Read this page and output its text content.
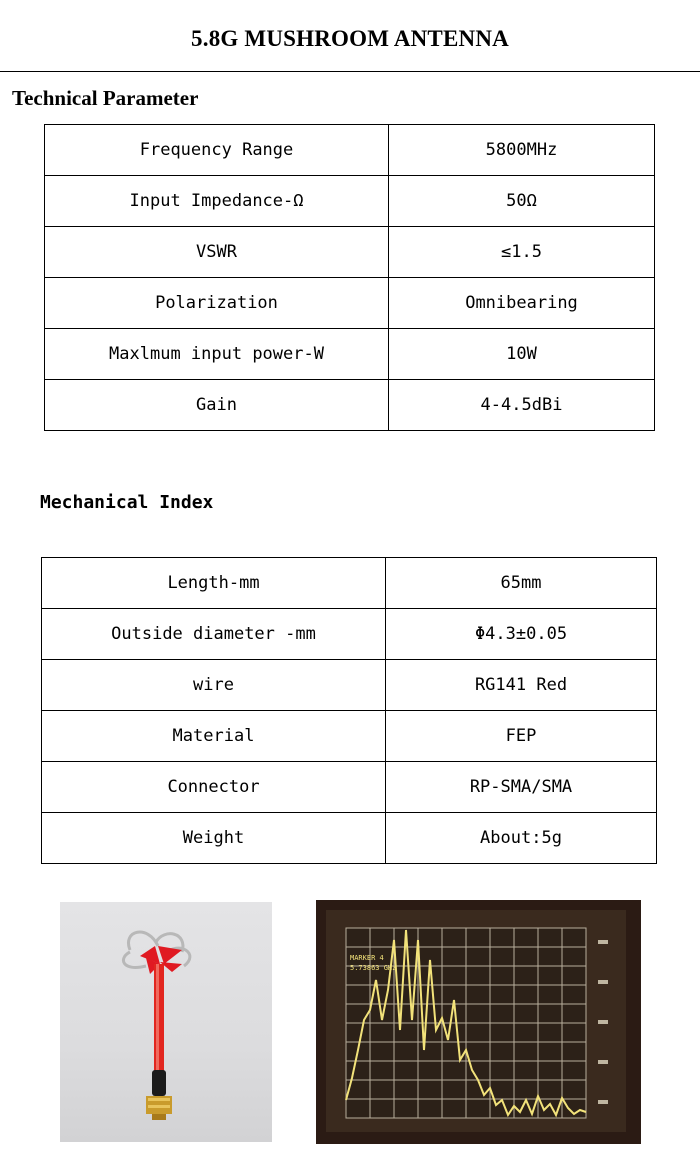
5.8G MUSHROOM ANTENNA
Technical Parameter
Frequency Range	5800MHz
Input Impedance-Ω	50Ω
VSWR	≤1.5
Polarization	Omnibearing
Maxlmum input power-W	10W
Gain	4-4.5dBi
Mechanical Index
Length-mm	65mm
Outside diameter -mm	Φ4.3±0.05
wire	RG141 Red
Material	FEP
Connector	RP-SMA/SMA
Weight	About:5g
MARKER 4
5.73863 GHz
